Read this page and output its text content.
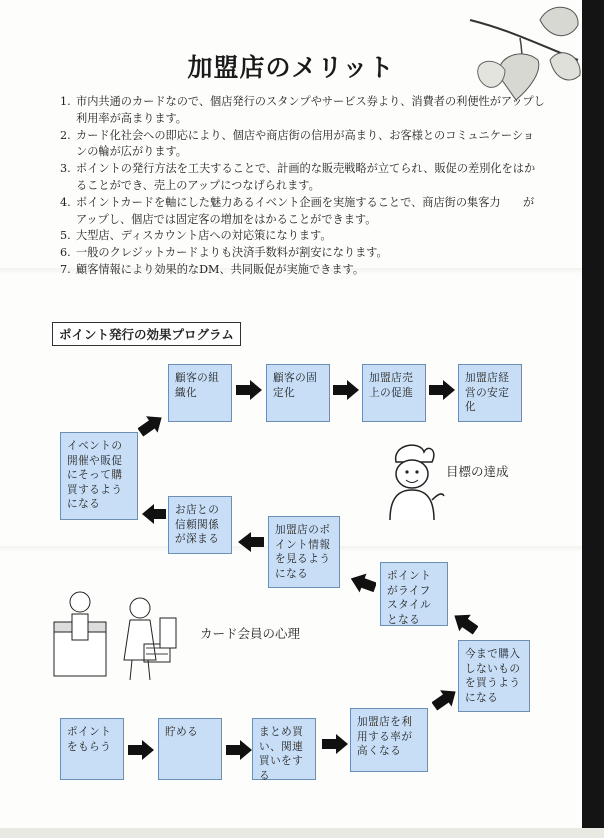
加盟店のメリット
1. 市内共通のカードなので、個店発行のスタンプやサービス券より、消費者の利便性がアップし利用率が高まります。
2. カード化社会への即応により、個店や商店街の信用が高まり、お客様とのコミュニケーションの輪が広がります。
3. ポイントの発行方法を工夫することで、計画的な販売戦略が立てられ、販促の差別化をはかることができ、売上のアップにつなげられます。
4. ポイントカードを軸にした魅力あるイベント企画を実施することで、商店街の集客力　　がアップし、個店では固定客の増加をはかることができます。
5. 大型店、ディスカウント店への対応策になります。
6. 一般のクレジットカードよりも決済手数料が割安になります。
7. 顧客情報により効果的なDM、共同販促が実施できます。
ポイント発行の効果プログラム
顧客の組織化
顧客の固定化
加盟店売上の促進
加盟店経営の安定化
イベントの開催や販促にそって購買するようになる	お店との信頼関係が深まる
加盟店のポイント情報を見るようになる	ポイントがライフスタイルとなる
今まで購入しないものを買うようになる
ポイントをもらう
貯める	まとめ買い、関連買いをする
加盟店を利用する率が高くなる
目標の達成
カード会員の心理
